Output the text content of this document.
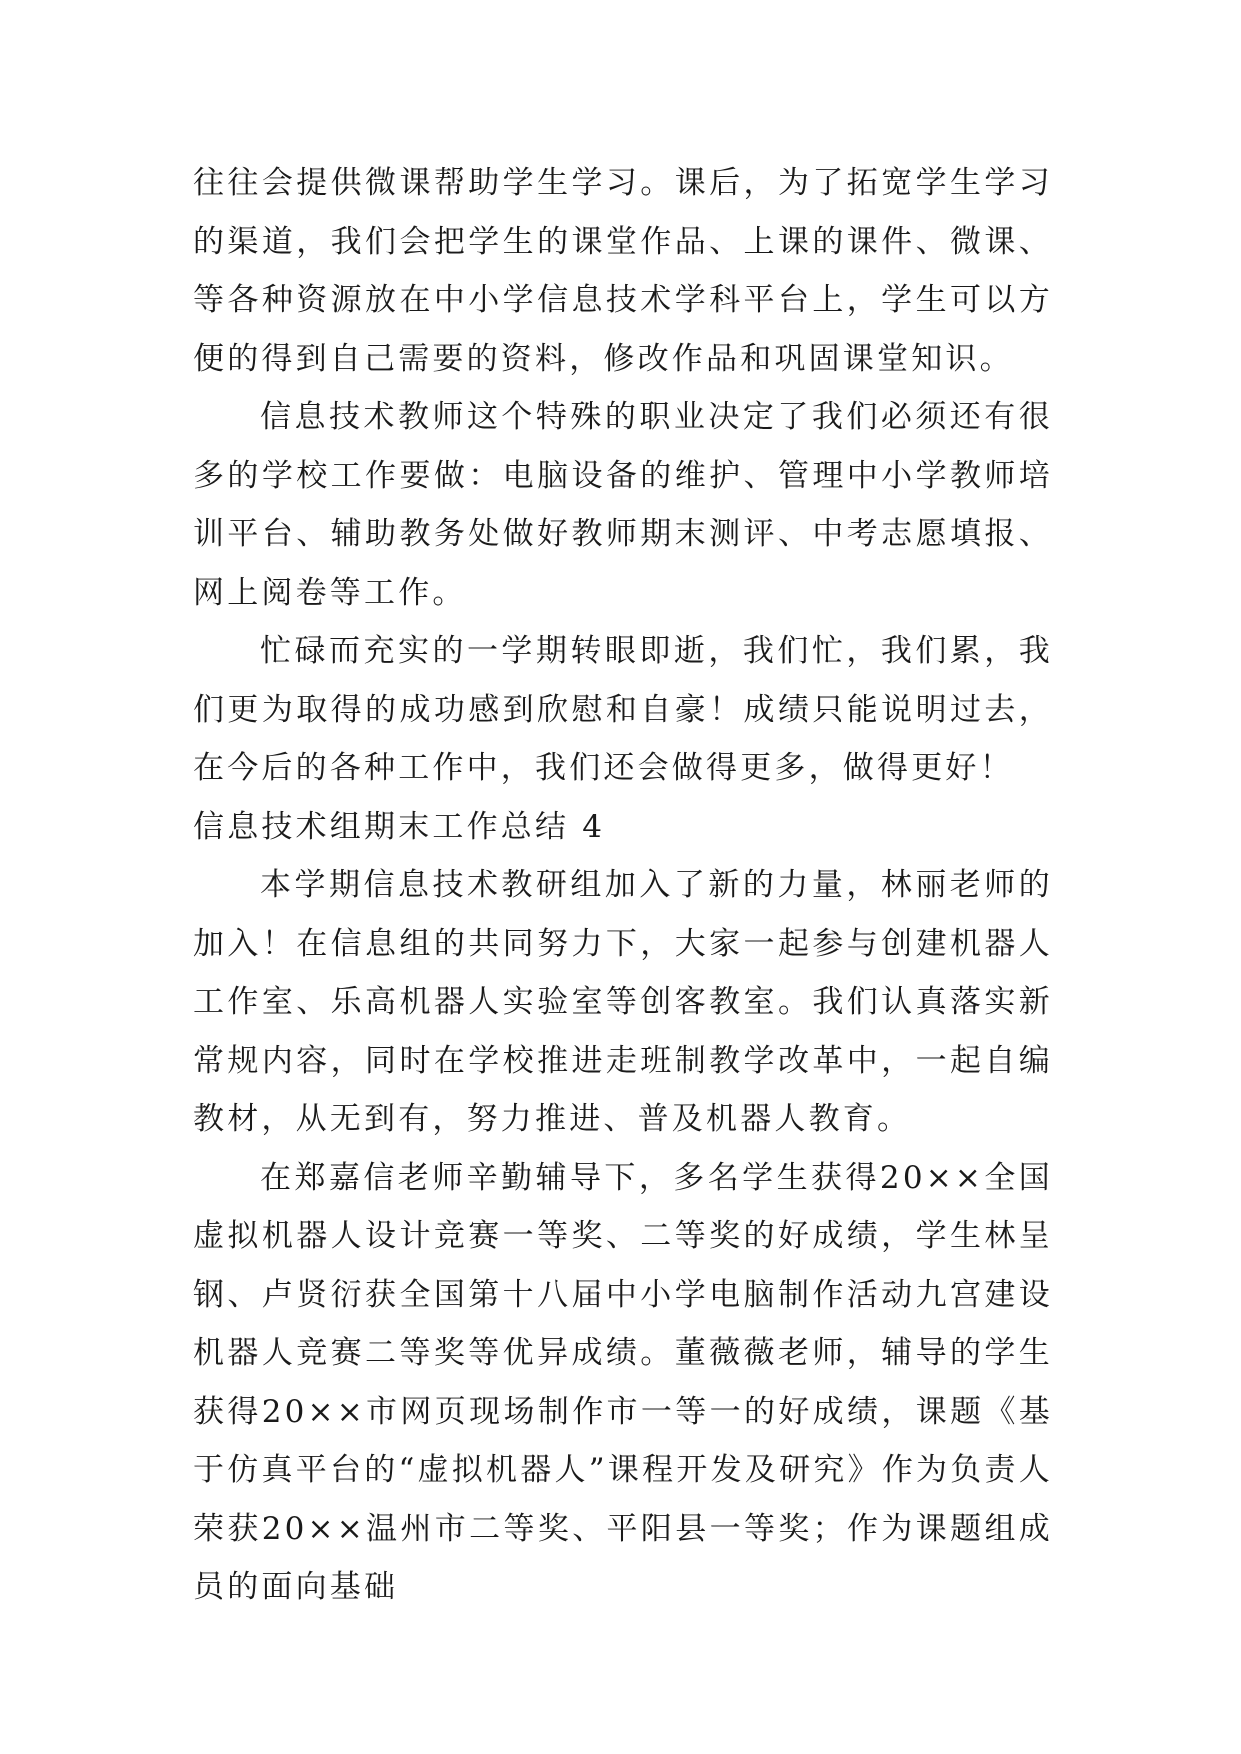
往往会提供微课帮助学生学习。课后，为了拓宽学生学习的渠道，我们会把学生的课堂作品、上课的课件、微课、等各种资源放在中小学信息技术学科平台上，学生可以方便的得到自己需要的资料，修改作品和巩固课堂知识。

信息技术教师这个特殊的职业决定了我们必须还有很多的学校工作要做：电脑设备的维护、管理中小学教师培训平台、辅助教务处做好教师期末测评、中考志愿填报、网上阅卷等工作。

忙碌而充实的一学期转眼即逝，我们忙，我们累，我们更为取得的成功感到欣慰和自豪！成绩只能说明过去，在今后的各种工作中，我们还会做得更多，做得更好！

信息技术组期末工作总结 4

本学期信息技术教研组加入了新的力量，林丽老师的加入！在信息组的共同努力下，大家一起参与创建机器人工作室、乐高机器人实验室等创客教室。我们认真落实新常规内容，同时在学校推进走班制教学改革中，一起自编教材，从无到有，努力推进、普及机器人教育。

在郑嘉信老师辛勤辅导下，多名学生获得20××全国虚拟机器人设计竞赛一等奖、二等奖的好成绩，学生林呈钢、卢贤衍获全国第十八届中小学电脑制作活动九宫建设机器人竞赛二等奖等优异成绩。董薇薇老师，辅导的学生获得20××市网页现场制作市一等一的好成绩，课题《基于仿真平台的“虚拟机器人”课程开发及研究》作为负责人荣获20××温州市二等奖、平阳县一等奖；作为课题组成员的面向基础
